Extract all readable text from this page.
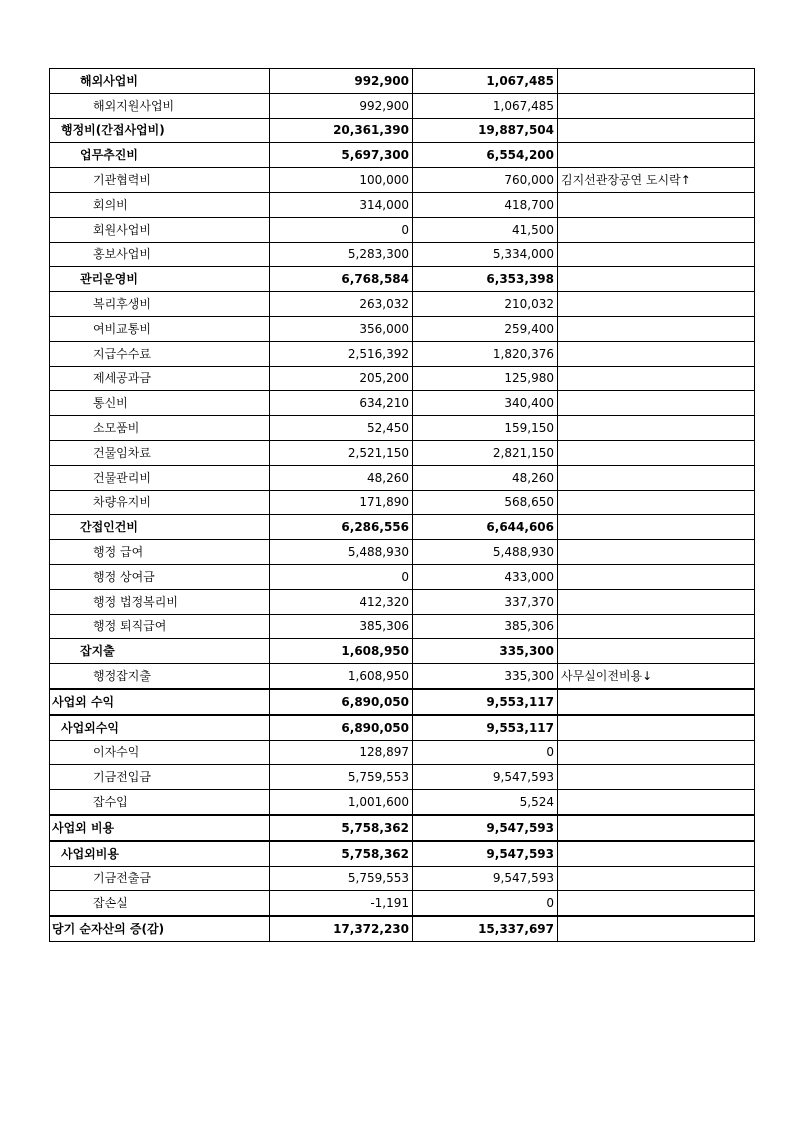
해외사업비	992,900	1,067,485	
해외지원사업비	992,900	1,067,485	
행정비(간접사업비)	20,361,390	19,887,504	
업무추진비	5,697,300	6,554,200	
기관협력비	100,000	760,000	김지선관장공연 도시락↑
회의비	314,000	418,700	
회원사업비	0	41,500	
홍보사업비	5,283,300	5,334,000	
관리운영비	6,768,584	6,353,398	
복리후생비	263,032	210,032	
여비교통비	356,000	259,400	
지급수수료	2,516,392	1,820,376	
제세공과금	205,200	125,980	
통신비	634,210	340,400	
소모품비	52,450	159,150	
건물임차료	2,521,150	2,821,150	
건물관리비	48,260	48,260	
차량유지비	171,890	568,650	
간접인건비	6,286,556	6,644,606	
행정 급여	5,488,930	5,488,930	
행정 상여금	0	433,000	
행정 법정복리비	412,320	337,370	
행정 퇴직급여	385,306	385,306	
잡지출	1,608,950	335,300	
행정잡지출	1,608,950	335,300	사무실이전비용↓
사업외 수익	6,890,050	9,553,117	
사업외수익	6,890,050	9,553,117	
이자수익	128,897	0	
기금전입금	5,759,553	9,547,593	
잡수입	1,001,600	5,524	
사업외 비용	5,758,362	9,547,593	
사업외비용	5,758,362	9,547,593	
기금전출금	5,759,553	9,547,593	
잡손실	-1,191	0	
당기 순자산의 증(감)	17,372,230	15,337,697	
